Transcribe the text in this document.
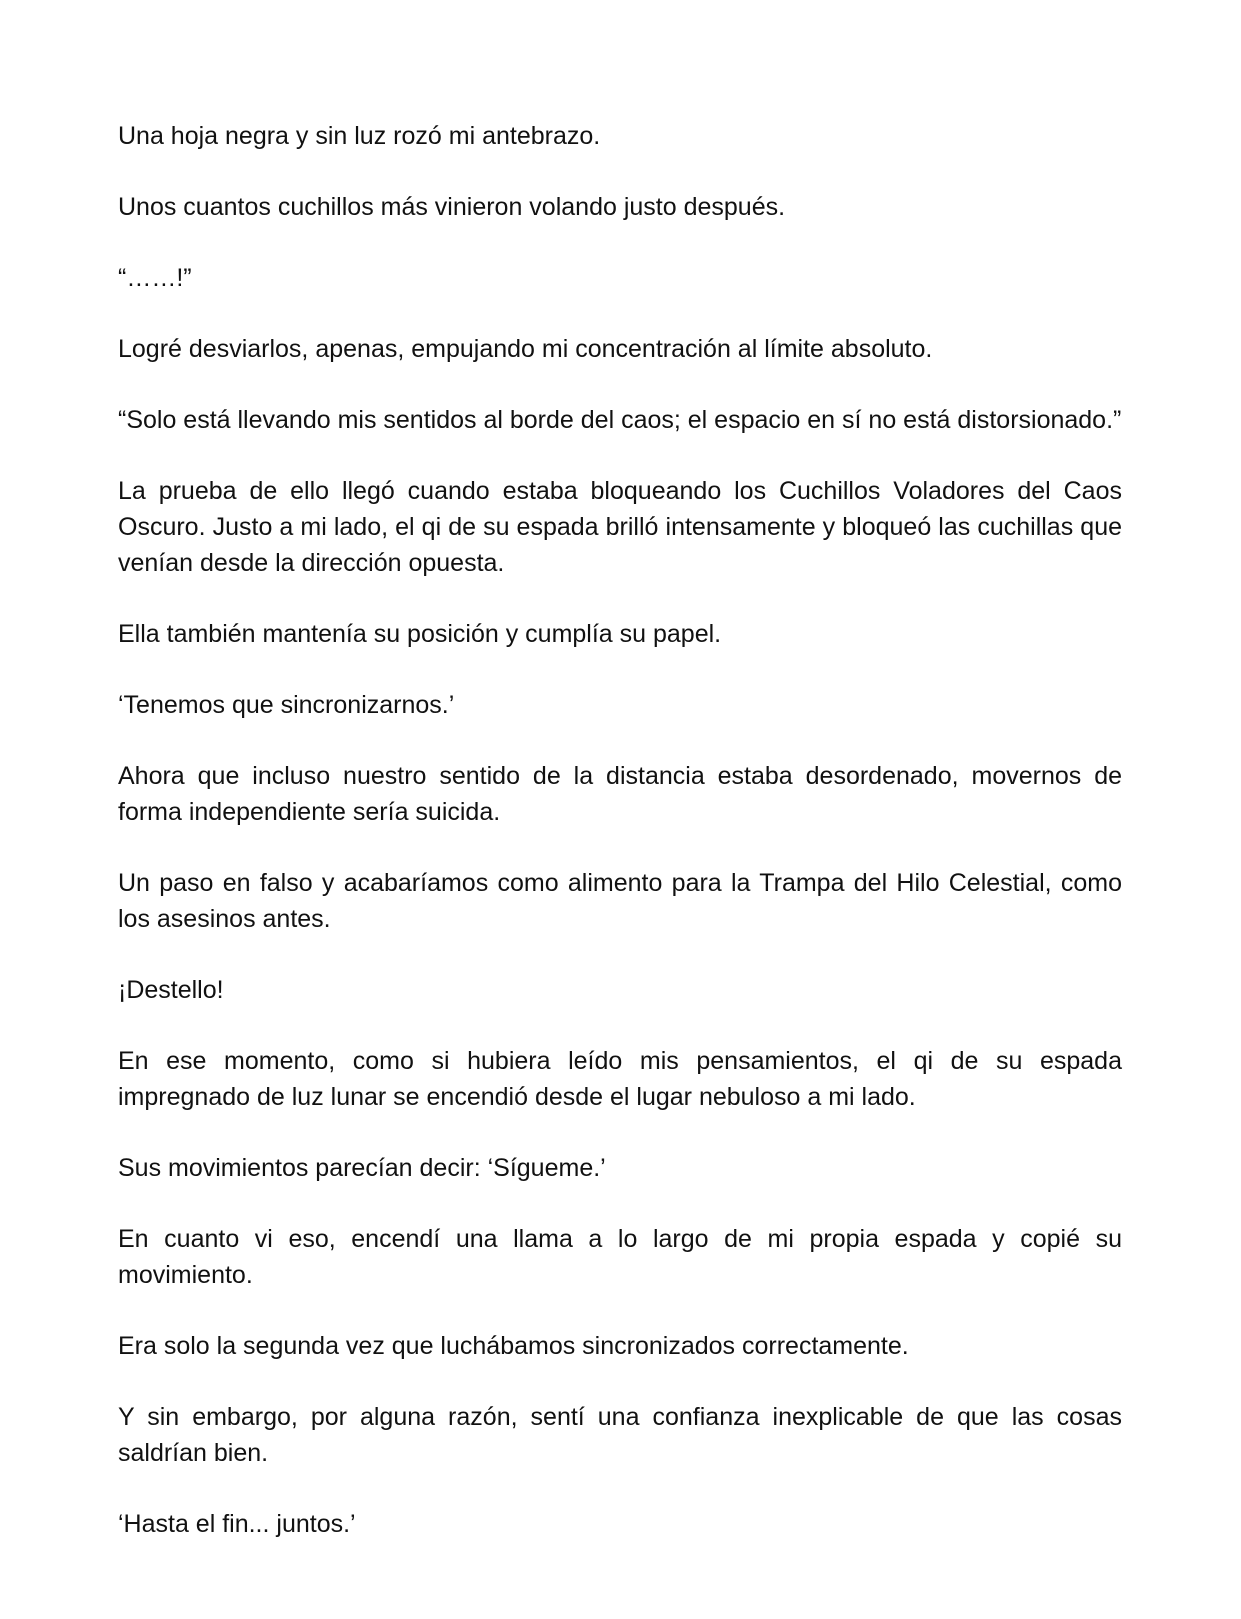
Una hoja negra y sin luz rozó mi antebrazo.

Unos cuantos cuchillos más vinieron volando justo después.

“……!”

Logré desviarlos, apenas, empujando mi concentración al límite absoluto.

“Solo está llevando mis sentidos al borde del caos; el espacio en sí no está distorsionado.”

La prueba de ello llegó cuando estaba bloqueando los Cuchillos Voladores del Caos Oscuro. Justo a mi lado, el qi de su espada brilló intensamente y bloqueó las cuchillas que venían desde la dirección opuesta.

Ella también mantenía su posición y cumplía su papel.

‘Tenemos que sincronizarnos.’

Ahora que incluso nuestro sentido de la distancia estaba desordenado, movernos de forma independiente sería suicida.

Un paso en falso y acabaríamos como alimento para la Trampa del Hilo Celestial, como los asesinos antes.

¡Destello!

En ese momento, como si hubiera leído mis pensamientos, el qi de su espada impregnado de luz lunar se encendió desde el lugar nebuloso a mi lado.

Sus movimientos parecían decir: ‘Sígueme.’

En cuanto vi eso, encendí una llama a lo largo de mi propia espada y copié su movimiento.

Era solo la segunda vez que luchábamos sincronizados correctamente.

Y sin embargo, por alguna razón, sentí una confianza inexplicable de que las cosas saldrían bien.

‘Hasta el fin... juntos.’
